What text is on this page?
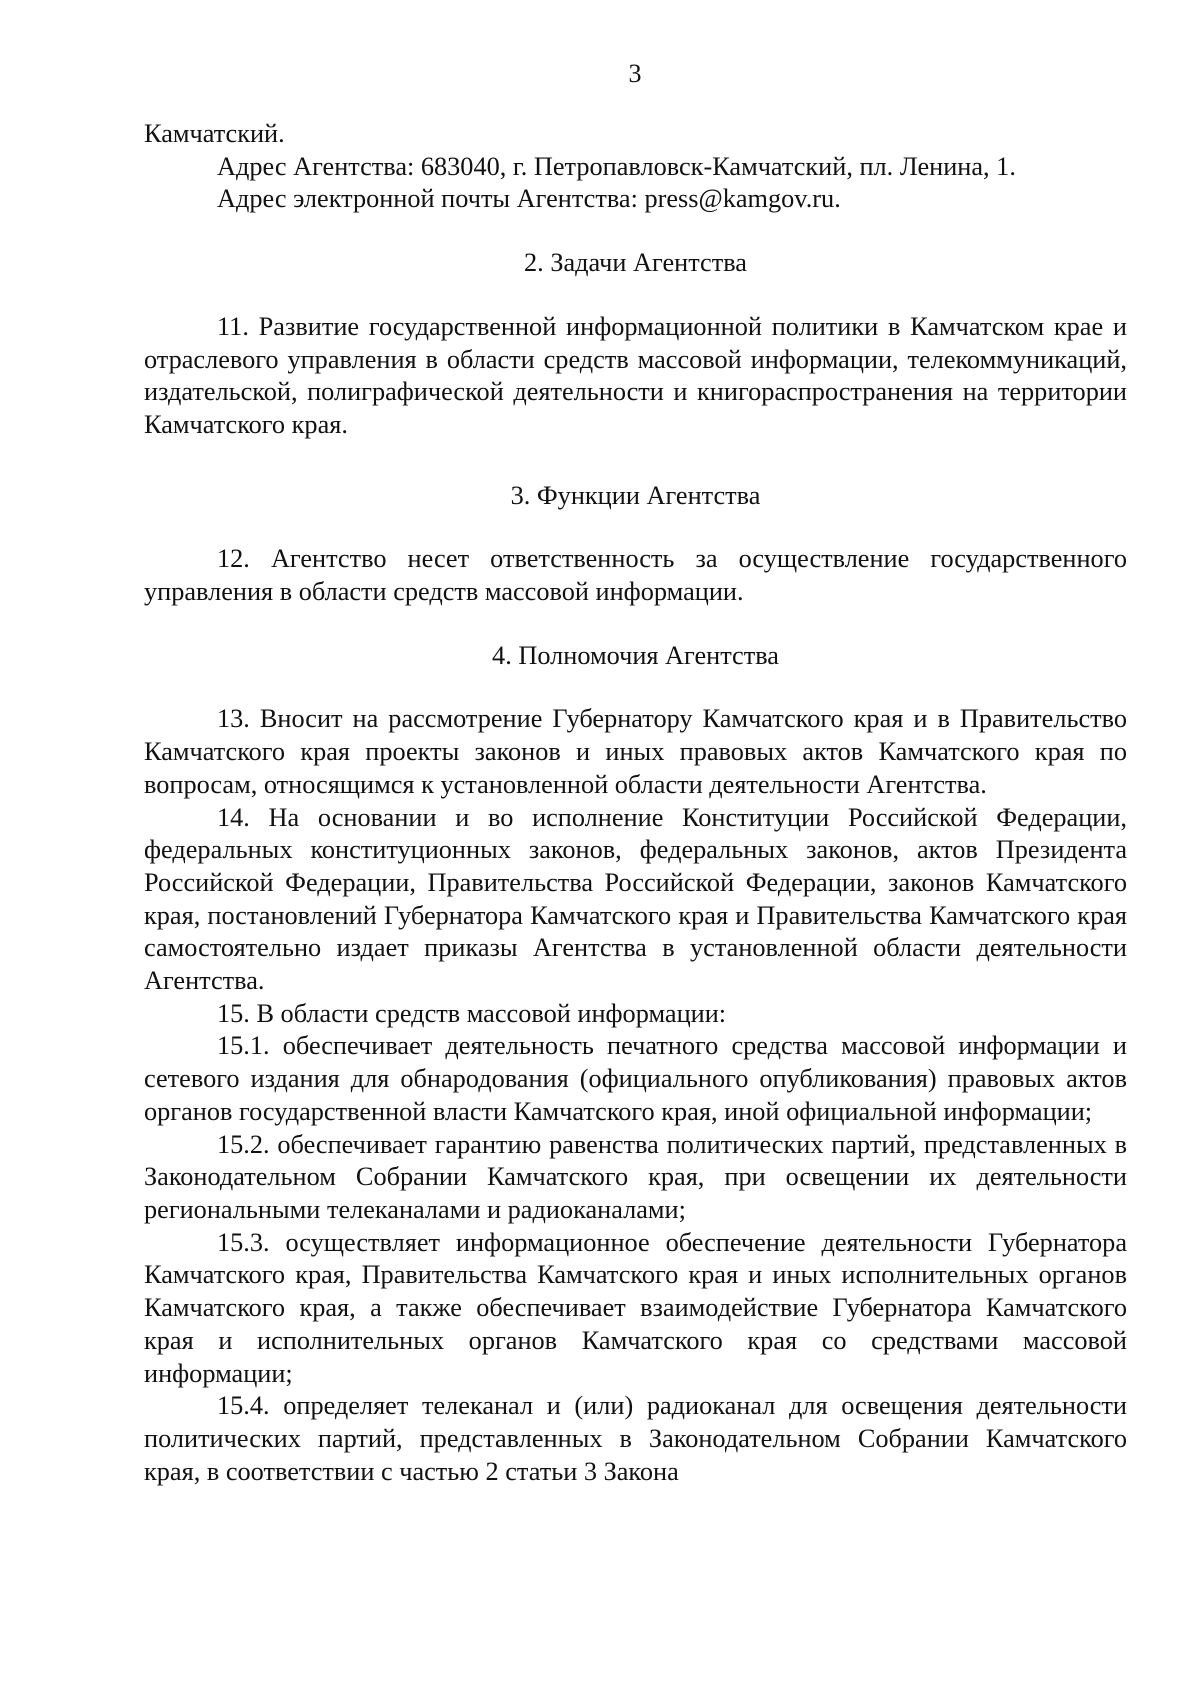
3

Камчатский.

Адрес Агентства: 683040, г. Петропавловск-Камчатский, пл. Ленина, 1.

Адрес электронной почты Агентства: press@kamgov.ru.

2. Задачи Агентства

11. Развитие государственной информационной политики в Камчатском крае и отраслевого управления в области средств массовой информации, телекоммуникаций, издательской, полиграфической деятельности и книгораспространения на территории Камчатского края.

3. Функции Агентства

12. Агентство несет ответственность за осуществление государственного управления в области средств массовой информации.

4. Полномочия Агентства

13. Вносит на рассмотрение Губернатору Камчатского края и в Правительство Камчатского края проекты законов и иных правовых актов Камчатского края по вопросам, относящимся к установленной области деятельности Агентства.

14. На основании и во исполнение Конституции Российской Федерации, федеральных конституционных законов, федеральных законов, актов Президента Российской Федерации, Правительства Российской Федерации, законов Камчатского края, постановлений Губернатора Камчатского края и Правительства Камчатского края самостоятельно издает приказы Агентства в установленной области деятельности Агентства.

15. В области средств массовой информации:

15.1. обеспечивает деятельность печатного средства массовой информации и сетевого издания для обнародования (официального опубликования) правовых актов органов государственной власти Камчатского края, иной официальной информации;

15.2. обеспечивает гарантию равенства политических партий, представленных в Законодательном Собрании Камчатского края, при освещении их деятельности региональными телеканалами и радиоканалами;

15.3. осуществляет информационное обеспечение деятельности Губернатора Камчатского края, Правительства Камчатского края и иных исполнительных органов Камчатского края, а также обеспечивает взаимодействие Губернатора Камчатского края и исполнительных органов Камчатского края со средствами массовой информации;

15.4. определяет телеканал и (или) радиоканал для освещения деятельности политических партий, представленных в Законодательном Собрании Камчатского края, в соответствии с частью 2 статьи 3 Закона
